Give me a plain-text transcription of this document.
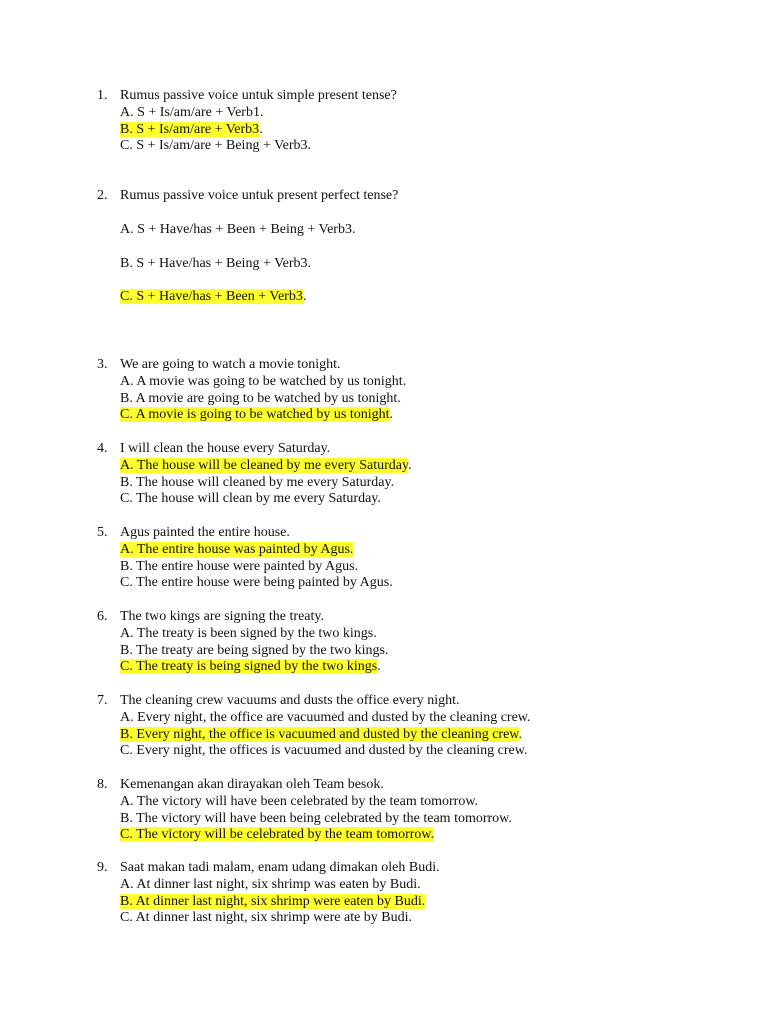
1. Rumus passive voice untuk simple present tense?
A. S + Is/am/are + Verb1.
B. S + Is/am/are + Verb3.
C. S + Is/am/are + Being + Verb3.
2. Rumus passive voice untuk present perfect tense?
A. S + Have/has + Been + Being + Verb3.
B. S + Have/has + Being + Verb3.
C. S + Have/has + Been + Verb3.
3. We are going to watch a movie tonight.
A. A movie was going to be watched by us tonight.
B. A movie are going to be watched by us tonight.
C. A movie is going to be watched by us tonight.
4. I will clean the house every Saturday.
A. The house will be cleaned by me every Saturday.
B. The house will cleaned by me every Saturday.
C. The house will clean by me every Saturday.
5. Agus painted the entire house.
A. The entire house was painted by Agus.
B. The entire house were painted by Agus.
C. The entire house were being painted by Agus.
6. The two kings are signing the treaty.
A. The treaty is been signed by the two kings.
B. The treaty are being signed by the two kings.
C. The treaty is being signed by the two kings.
7. The cleaning crew vacuums and dusts the office every night.
A. Every night, the office are vacuumed and dusted by the cleaning crew.
B. Every night, the office is vacuumed and dusted by the cleaning crew.
C. Every night, the offices is vacuumed and dusted by the cleaning crew.
8. Kemenangan akan dirayakan oleh Team besok.
A. The victory will have been celebrated by the team tomorrow.
B. The victory will have been being celebrated by the team tomorrow.
C. The victory will be celebrated by the team tomorrow.
9. Saat makan tadi malam, enam udang dimakan oleh Budi.
A. At dinner last night, six shrimp was eaten by Budi.
B. At dinner last night, six shrimp were eaten by Budi.
C. At dinner last night, six shrimp were ate by Budi.
